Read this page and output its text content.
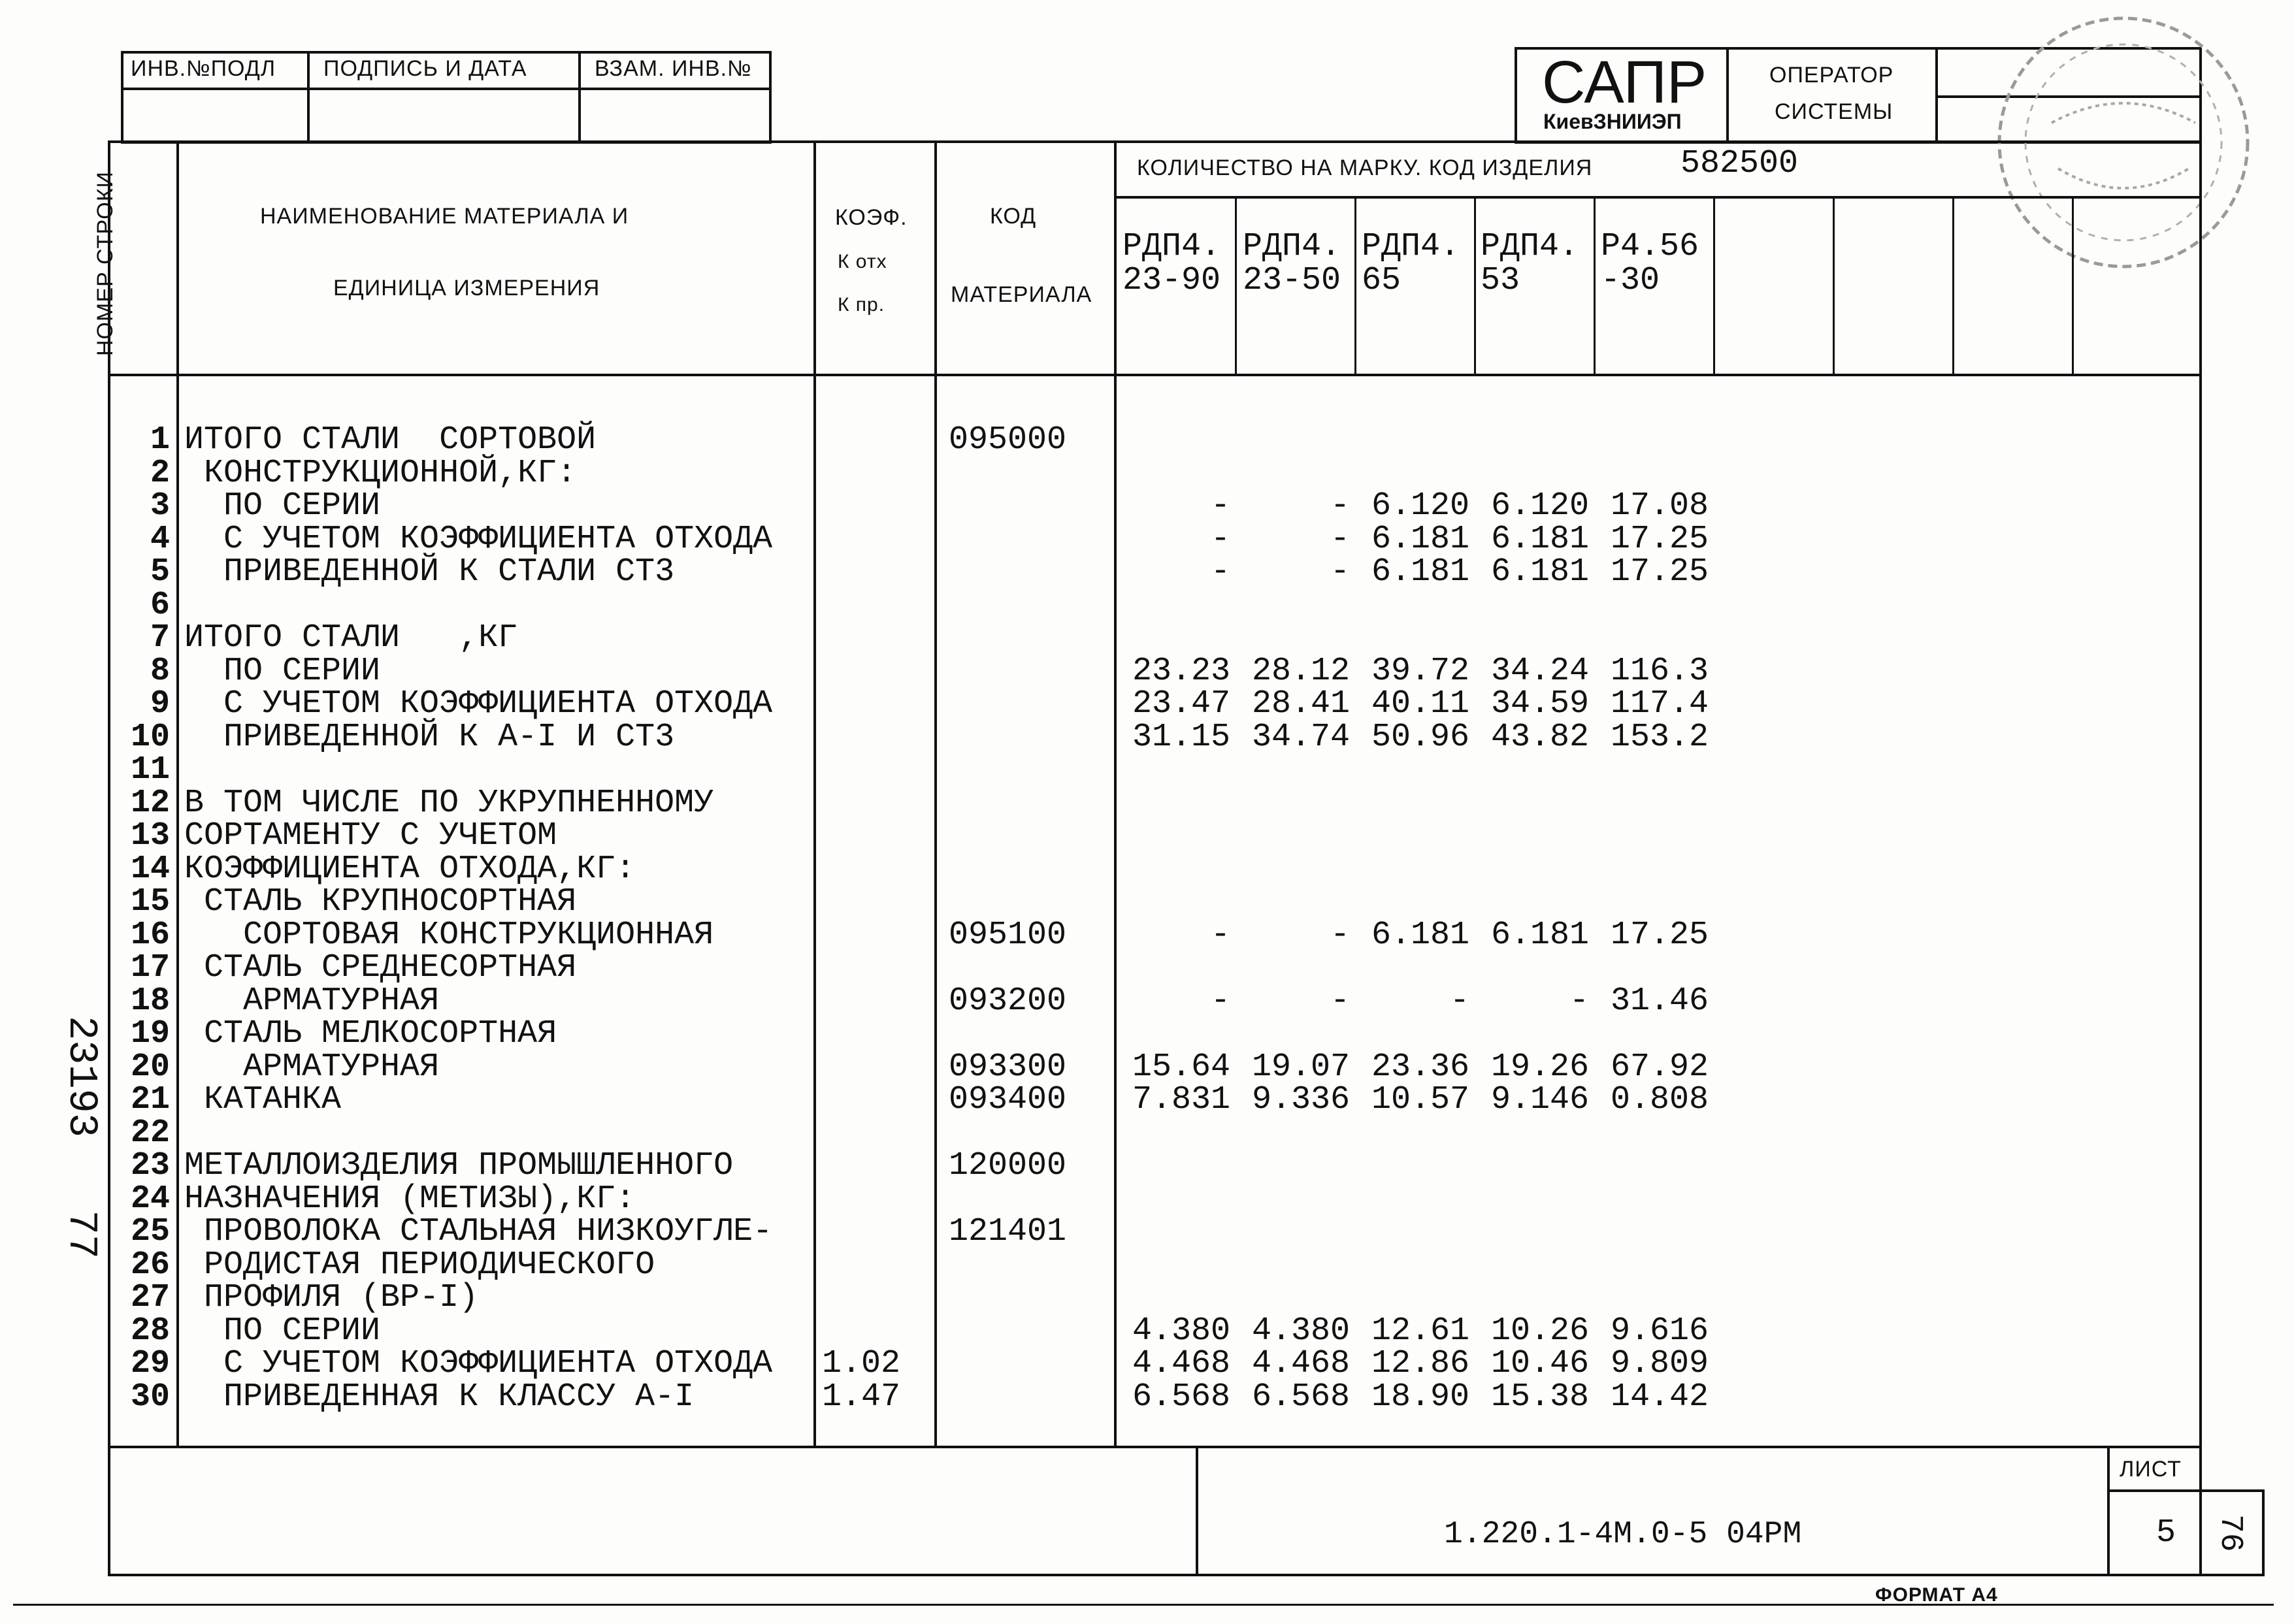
ИНВ.№ПОДЛ ПОДПИСЬ И ДАТА	ВЗАМ. ИНВ.№	САПР
КиевЗНИИЭП
ОПЕРАТОР
СИСТЕМЫ
НОМЕР СТРОКИ	НАИМЕНОВАНИЕ МАТЕРИАЛА И
ЕДИНИЦА ИЗМЕРЕНИЯ
КОЭФ.
К отх
К пр.
КОД
МАТЕРИАЛА
КОЛИЧЕСТВО НА МАРКУ. КОД ИЗДЕЛИЯ	582500
РДП4.
23-90
РДП4.
23-50
РДП4.
65
РДП4.
53
Р4.56
-30
1 ИТОГО СТАЛИ  СОРТОВОЙ	095000
2 КОНСТРУКЦИОННОЙ,КГ:
3 ПО СЕРИИ	-	- 6.120 6.120 17.08
4 С УЧЕТОМ КОЭФФИЦИЕНТА ОТХОДА	-	- 6.181 6.181 17.25
5 ПРИВЕДЕННОЙ К СТАЛИ СТ3	-	- 6.181 6.181 17.25
6
7 ИТОГО СТАЛИ   ,КГ
8 ПО СЕРИИ	23.23 28.12 39.72 34.24 116.3
9 С УЧЕТОМ КОЭФФИЦИЕНТА ОТХОДА	23.47 28.41 40.11 34.59 117.4
10 ПРИВЕДЕННОЙ К А-I И СТ3	31.15 34.74 50.96 43.82 153.2
11
12 В ТОМ ЧИСЛЕ ПО УКРУПНЕННОМУ
13 СОРТАМЕНТУ С УЧЕТОМ
14 КОЭФФИЦИЕНТА ОТХОДА,КГ:
15 СТАЛЬ КРУПНОСОРТНАЯ
16 СОРТОВАЯ КОНСТРУКЦИОННАЯ	095100	-	- 6.181 6.181 17.25
17 СТАЛЬ СРЕДНЕСОРТНАЯ
18 АРМАТУРНАЯ	093200	-	-	-	- 31.46
19 СТАЛЬ МЕЛКОСОРТНАЯ
20 АРМАТУРНАЯ	093300	15.64 19.07 23.36 19.26 67.92
21 КАТАНКА	093400	7.831 9.336 10.57 9.146 0.808
22
23 МЕТАЛЛОИЗДЕЛИЯ ПРОМЫШЛЕННОГО	120000
24 НАЗНАЧЕНИЯ (МЕТИЗЫ),КГ:
25 ПРОВОЛОКА СТАЛЬНАЯ НИЗКОУГЛЕ-	121401
26 РОДИСТАЯ ПЕРИОДИЧЕСКОГО
27 ПРОФИЛЯ (ВР-I)
28 ПО СЕРИИ	4.380 4.380 12.61 10.26 9.616
29 С УЧЕТОМ КОЭФФИЦИЕНТА ОТХОДА 1.02	4.468 4.468 12.86 10.46 9.809
30 ПРИВЕДЕННАЯ К КЛАССУ А-I	1.47	6.568 6.568 18.90 15.38 14.42
1.220.1-4М.0-5 04РМ
ЛИСТ
5 76
ФОРМАТ А4
23193   77
